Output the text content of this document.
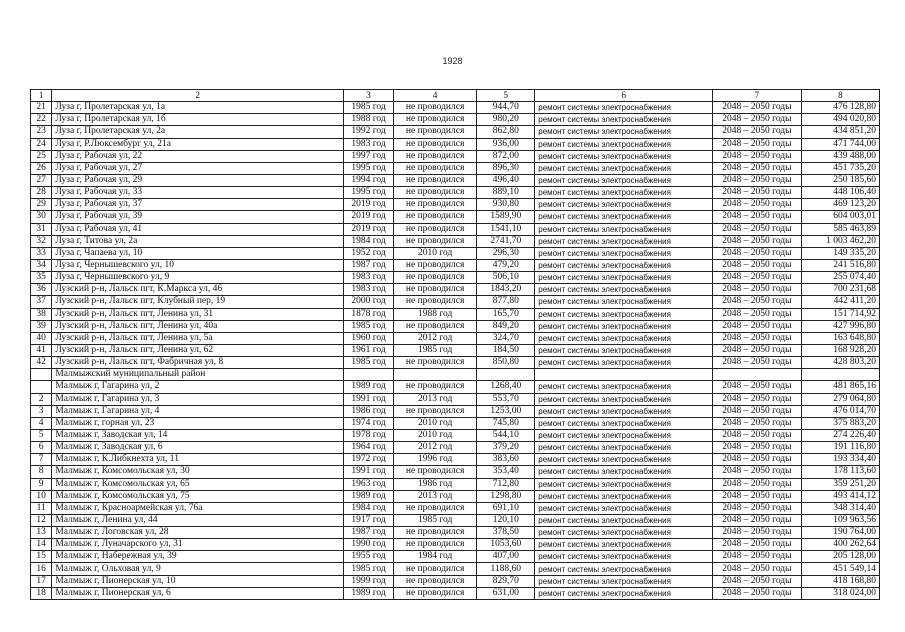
1928
1	2	3	4	5	6	7	8
21	Луза г, Пролетарская ул, 1а	1985 год	не проводился	944,70	ремонт системы электроснабжения	2048 – 2050 годы	476 128,80
22	Луза г, Пролетарская ул, 1б	1988 год	не проводился	980,20	ремонт системы электроснабжения	2048 – 2050 годы	494 020,80
23	Луза г, Пролетарская ул, 2а	1992 год	не проводился	862,80	ремонт системы электроснабжения	2048 – 2050 годы	434 851,20
24	Луза г, Р.Люксембург ул, 21а	1983 год	не проводился	936,00	ремонт системы электроснабжения	2048 – 2050 годы	471 744,00
25	Луза г, Рабочая ул, 22	1997 год	не проводился	872,00	ремонт системы электроснабжения	2048 – 2050 годы	439 488,00
26	Луза г, Рабочая ул, 27	1995 год	не проводился	896,30	ремонт системы электроснабжения	2048 – 2050 годы	451 735,20
27	Луза г, Рабочая ул, 29	1994 год	не проводился	496,40	ремонт системы электроснабжения	2048 – 2050 годы	250 185,60
28	Луза г, Рабочая ул, 33	1995 год	не проводился	889,10	ремонт системы электроснабжения	2048 – 2050 годы	448 106,40
29	Луза г, Рабочая ул, 37	2019 год	не проводился	930,80	ремонт системы электроснабжения	2048 – 2050 годы	469 123,20
30	Луза г, Рабочая ул, 39	2019 год	не проводился	1589,90	ремонт системы электроснабжения	2048 – 2050 годы	604 003,01
31	Луза г, Рабочая ул, 41	2019 год	не проводился	1541,10	ремонт системы электроснабжения	2048 – 2050 годы	585 463,89
32	Луза г, Титова ул, 2а	1984 год	не проводился	2741,70	ремонт системы электроснабжения	2048 – 2050 годы	1 003 462,20
33	Луза г, Чапаева ул, 10	1952 год	2010 год	296,30	ремонт системы электроснабжения	2048 – 2050 годы	149 335,20
34	Луза г, Чернышевского ул, 10	1987 год	не проводился	479,20	ремонт системы электроснабжения	2048 – 2050 годы	241 516,80
35	Луза г, Чернышевского ул, 9	1983 год	не проводился	506,10	ремонт системы электроснабжения	2048 – 2050 годы	255 074,40
36	Лузский р-н, Лальск пгт, К.Маркса ул, 46	1983 год	не проводился	1843,20	ремонт системы электроснабжения	2048 – 2050 годы	700 231,68
37	Лузский р-н, Лальск пгт, Клубный пер, 19	2000 год	не проводился	877,80	ремонт системы электроснабжения	2048 – 2050 годы	442 411,20
38	Лузский р-н, Лальск пгт, Ленина ул, 31	1878 год	1988 год	165,70	ремонт системы электроснабжения	2048 – 2050 годы	151 714,92
39	Лузский р-н, Лальск пгт, Ленина ул, 40а	1985 год	не проводился	849,20	ремонт системы электроснабжения	2048 – 2050 годы	427 996,80
40	Лузский р-н, Лальск пгт, Ленина ул, 5а	1960 год	2012 год	324,70	ремонт системы электроснабжения	2048 – 2050 годы	163 648,80
41	Лузский р-н, Лальск пгт, Ленина ул, 62	1961 год	1985 год	184,50	ремонт системы электроснабжения	2048 – 2050 годы	168 928,20
42	Лузский р-н, Лальск пгт, Фабричная ул, 8	1985 год	не проводился	850,80	ремонт системы электроснабжения	2048 – 2050 годы	428 803,20
	Малмыжский муниципальный район						
	Малмыж г, Гагарина ул, 2	1989 год	не проводился	1268,40	ремонт системы электроснабжения	2048 – 2050 годы	481 865,16
2	Малмыж г, Гагарина ул, 3	1991 год	2013 год	553,70	ремонт системы электроснабжения	2048 – 2050 годы	279 064,80
3	Малмыж г, Гагарина ул, 4	1986 год	не проводился	1253,00	ремонт системы электроснабжения	2048 – 2050 годы	476 014,70
4	Малмыж г, горная ул, 23	1974 год	2010 год	745,80	ремонт системы электроснабжения	2048 – 2050 годы	375 883,20
5	Малмыж г, Заводская ул, 14	1978 год	2010 год	544,10	ремонт системы электроснабжения	2048 – 2050 годы	274 226,40
6	Малмыж г, Заводская ул, 6	1964 год	2012 год	379,20	ремонт системы электроснабжения	2048 – 2050 годы	191 116,80
7	Малмыж г, К.Либкнехта ул, 11	1972 год	1996 год	383,60	ремонт системы электроснабжения	2048 – 2050 годы	193 334,40
8	Малмыж г, Комсомольская ул, 30	1991 год	не проводился	353,40	ремонт системы электроснабжения	2048 – 2050 годы	178 113,60
9	Малмыж г, Комсомольская ул, 65	1963 год	1986 год	712,80	ремонт системы электроснабжения	2048 – 2050 годы	359 251,20
10	Малмыж г, Комсомольская ул, 75	1989 год	2013 год	1298,80	ремонт системы электроснабжения	2048 – 2050 годы	493 414,12
11	Малмыж г, Красноармейская ул, 76а	1984 год	не проводился	691,10	ремонт системы электроснабжения	2048 – 2050 годы	348 314,40
12	Малмыж г, Ленина ул, 44	1917 год	1985 год	120,10	ремонт системы электроснабжения	2048 – 2050 годы	109 963,56
13	Малмыж г, Логовская ул, 28	1987 год	не проводился	378,50	ремонт системы электроснабжения	2048 – 2050 годы	190 764,00
14	Малмыж г, Луначарского ул, 31	1990 год	не проводился	1053,60	ремонт системы электроснабжения	2048 – 2050 годы	400 262,64
15	Малмыж г, Набережная ул, 39	1955 год	1984 год	407,00	ремонт системы электроснабжения	2048 – 2050 годы	205 128,00
16	Малмыж г, Ольховая ул, 9	1985 год	не проводился	1188,60	ремонт системы электроснабжения	2048 – 2050 годы	451 549,14
17	Малмыж г, Пионерская ул, 10	1999 год	не проводился	829,70	ремонт системы электроснабжения	2048 – 2050 годы	418 168,80
18	Малмыж г, Пионерская ул, 6	1989 год	не проводился	631,00	ремонт системы электроснабжения	2048 – 2050 годы	318 024,00
